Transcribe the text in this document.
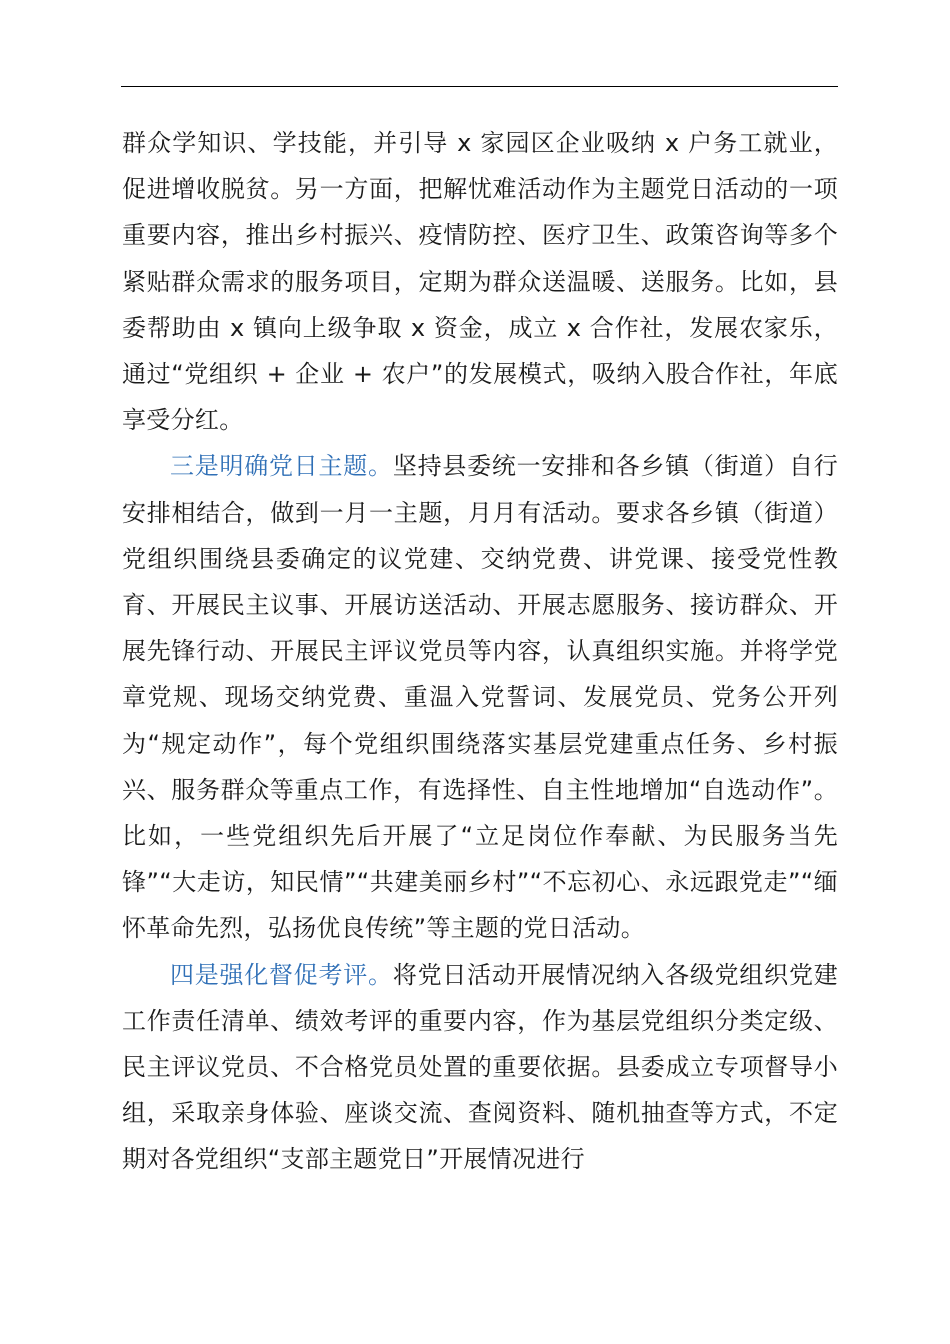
群众学知识、学技能，并引导 x 家园区企业吸纳 x 户务工就业，促进增收脱贫。另一方面，把解忧难活动作为主题党日活动的一项重要内容，推出乡村振兴、疫情防控、医疗卫生、政策咨询等多个紧贴群众需求的服务项目，定期为群众送温暖、送服务。比如，县委帮助由 x 镇向上级争取 x 资金，成立 x 合作社，发展农家乐，通过“党组织 + 企业 + 农户”的发展模式，吸纳入股合作社，年底享受分红。

三是明确党日主题。坚持县委统一安排和各乡镇（街道）自行安排相结合，做到一月一主题，月月有活动。要求各乡镇（街道）党组织围绕县委确定的议党建、交纳党费、讲党课、接受党性教育、开展民主议事、开展访送活动、开展志愿服务、接访群众、开展先锋行动、开展民主评议党员等内容，认真组织实施。并将学党章党规、现场交纳党费、重温入党誓词、发展党员、党务公开列为“规定动作”，每个党组织围绕落实基层党建重点任务、乡村振兴、服务群众等重点工作，有选择性、自主性地增加“自选动作”。比如，一些党组织先后开展了“立足岗位作奉献、为民服务当先锋”“大走访，知民情”“共建美丽乡村”“不忘初心、永远跟党走”“缅怀革命先烈，弘扬优良传统”等主题的党日活动。

四是强化督促考评。将党日活动开展情况纳入各级党组织党建工作责任清单、绩效考评的重要内容，作为基层党组织分类定级、民主评议党员、不合格党员处置的重要依据。县委成立专项督导小组，采取亲身体验、座谈交流、查阅资料、随机抽查等方式，不定期对各党组织“支部主题党日”开展情况进行
